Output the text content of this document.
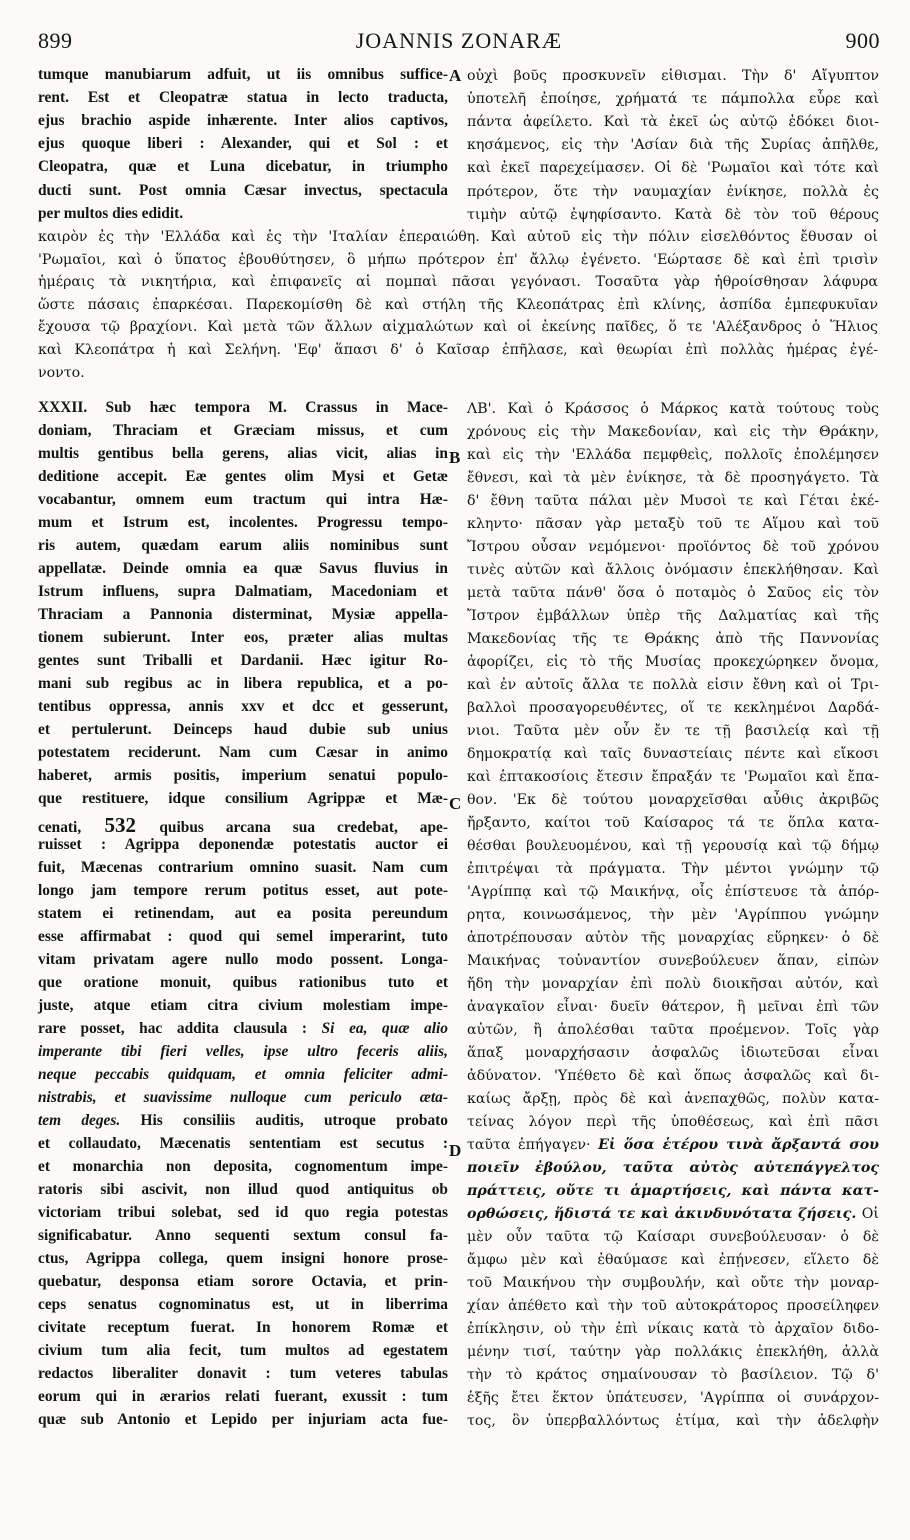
899	JOANNIS ZONARÆ	900
A
B
C
D
tumque manubiarum adfuit, ut iis omnibus suffice-
rent. Est et Cleopatræ statua in lecto traducta,
ejus brachio aspide inhærente. Inter alios captivos,
ejus quoque liberi : Alexander, qui et Sol : et
Cleopatra, quæ et Luna dicebatur, in triumpho
ducti sunt. Post omnia Cæsar invectus, spectacula
per multos dies edidit.
οὐχὶ βοῦς προσκυνεῖν εἰθισμαι. Τὴν δ' Αἴγυπτον
ὑποτελῆ ἐποίησε, χρήματά τε πάμπολλα εὗρε καὶ
πάντα ἀφείλετο. Καὶ τὰ ἐκεῖ ὡς αὐτῷ ἐδόκει διοι-
κησάμενος, εἰς τὴν 'Ασίαν διὰ τῆς Συρίας ἀπῆλθε,
καὶ ἐκεῖ παρεχείμασεν. Οἱ δὲ 'Ρωμαῖοι καὶ τότε καὶ
πρότερον, ὅτε τὴν ναυμαχίαν ἐνίκησε, πολλὰ ἐς
τιμὴν αὐτῷ ἐψηφίσαντο. Κατὰ δὲ τὸν τοῦ θέρους
καιρὸν ἐς τὴν 'Ελλάδα καὶ ἐς τὴν 'Ιταλίαν ἐπεραιώθη. Καὶ αὐτοῦ εἰς τὴν πόλιν εἰσελθόντος ἔθυσαν οἱ
'Ρωμαῖοι, καὶ ὁ ὕπατος ἐβουθύτησεν, ὃ μήπω πρότερον ἐπ' ἄλλῳ ἐγένετο. 'Εώρτασε δὲ καὶ ἐπὶ τρισὶν
ἡμέραις τὰ νικητήρια, καὶ ἐπιφανεῖς αἱ πομπαὶ πᾶσαι γεγόνασι. Τοσαῦτα γὰρ ἠθροίσθησαν λάφυρα
ὥστε πάσαις ἐπαρκέσαι. Παρεκομίσθη δὲ καὶ στήλη τῆς Κλεοπάτρας ἐπὶ κλίνης, ἀσπίδα ἐμπεφυκυῖαν
ἔχουσα τῷ βραχίονι. Καὶ μετὰ τῶν ἄλλων αἰχμαλώτων καὶ οἱ ἐκείνης παῖδες, ὅ τε 'Αλέξανδρος ὁ Ἥλιος
καὶ Κλεοπάτρα ἡ καὶ Σελήνη. 'Εφ' ἅπασι δ' ὁ Καῖσαρ ἐπῆλασε, καὶ θεωρίαι ἐπὶ πολλὰς ἡμέρας ἐγέ-
νοντο.
XXXII. Sub hæc tempora M. Crassus in Mace-
doniam, Thraciam et Græciam missus, et cum
multis gentibus bella gerens, alias vicit, alias in
deditione accepit. Eæ gentes olim Mysi et Getæ
vocabantur, omnem eum tractum qui intra Hæ-
mum et Istrum est, incolentes. Progressu tempo-
ris autem, quædam earum aliis nominibus sunt
appellatæ. Deinde omnia ea quæ Savus fluvius in
Istrum influens, supra Dalmatiam, Macedoniam et
Thraciam a Pannonia disterminat, Mysiæ appella-
tionem subierunt. Inter eos, præter alias multas
gentes sunt Triballi et Dardanii. Hæc igitur Ro-
mani sub regibus ac in libera republica, et a po-
tentibus oppressa, annis xxv et dcc et gesserunt,
et pertulerunt. Deinceps haud dubie sub unius
potestatem reciderunt. Nam cum Cæsar in animo
haberet, armis positis, imperium senatui populo-
que restituere, idque consilium Agrippæ et Mæ-
cenati, 532 quibus arcana sua credebat, ape-
ruisset : Agrippa deponendæ potestatis auctor ei
fuit, Mæcenas contrarium omnino suasit. Nam cum
longo jam tempore rerum potitus esset, aut pote-
statem ei retinendam, aut ea posita pereundum
esse affirmabat : quod qui semel imperarint, tuto
vitam privatam agere nullo modo possent. Longa-
que oratione monuit, quibus rationibus tuto et
juste, atque etiam citra civium molestiam impe-
rare posset, hac addita clausula : Si ea, quæ alio
imperante tibi fieri velles, ipse ultro feceris aliis,
neque peccabis quidquam, et omnia feliciter admi-
nistrabis, et suavissime nulloque cum periculo ætа-
tem deges. His consiliis auditis, utroque probato
et collaudato, Mæcenatis sententiam est secutus :
et monarchia non deposita, cognomentum impe-
ratoris sibi ascivit, non illud quod antiquitus ob
victoriam tribui solebat, sed id quo regia potestas
significabatur. Anno sequenti sextum consul fa-
ctus, Agrippa collega, quem insigni honore prose-
quebatur, desponsa etiam sorore Octavia, et prin-
ceps senatus cognominatus est, ut in liberrima
civitate receptum fuerat. In honorem Romæ et
civium tum alia fecit, tum multos ad egestatem
redactos liberaliter donavit : tum veteres tabulas
eorum qui in ærarios relati fuerant, exussit : tum
quæ sub Antonio et Lepido per injuriam acta fue-
ΛΒ'. Καὶ ὁ Κράσσος ὁ Μάρκος κατὰ τούτους τοὺς
χρόνους εἰς τὴν Μακεδονίαν, καὶ εἰς τὴν Θράκην,
καὶ εἰς τὴν 'Ελλάδα πεμφθεὶς, πολλοῖς ἐπολέμησεν
ἔθνεσι, καὶ τὰ μὲν ἐνίκησε, τὰ δὲ προσηγάγετο. Τὰ
δ' ἔθνη ταῦτα πάλαι μὲν Μυσοὶ τε καὶ Γέται ἐκέ-
κληντο· πᾶσαν γὰρ μεταξὺ τοῦ τε Αἵμου καὶ τοῦ
Ἴστρου οὖσαν νεμόμενοι· προϊόντος δὲ τοῦ χρόνου
τινὲς αὐτῶν καὶ ἄλλοις ὀνόμασιν ἐπεκλήθησαν. Καὶ
μετὰ ταῦτα πάνθ' ὅσα ὁ ποταμὸς ὁ Σαῦος εἰς τὸν
Ἴστρον ἐμβάλλων ὑπὲρ τῆς Δαλματίας καὶ τῆς
Μακεδονίας τῆς τε Θράκης ἀπὸ τῆς Παννονίας
ἀφορίζει, εἰς τὸ τῆς Μυσίας προκεχώρηκεν ὄνομα,
καὶ ἐν αὐτοῖς ἄλλα τε πολλὰ εἰσιν ἔθνη καὶ οἱ Τρι-
βαλλοὶ προσαγορευθέντες, οἵ τε κεκλημένοι Δαρδά-
νιοι. Ταῦτα μὲν οὖν ἔν τε τῇ βασιλείᾳ καὶ τῇ
δημοκρατίᾳ καὶ ταῖς δυναστείαις πέντε καὶ εἴκοσι
καὶ ἑπτακοσίοις ἔτεσιν ἔπραξάν τε 'Ρωμαῖοι καὶ ἔπα-
θον. 'Εκ δὲ τούτου μοναρχεῖσθαι αὖθις ἀκριβῶς
ἤρξαντο, καίτοι τοῦ Καίσαρος τά τε ὅπλα κατα-
θέσθαι βουλευομένου, καὶ τῇ γερουσίᾳ καὶ τῷ δήμῳ
ἐπιτρέψαι τὰ πράγματα. Τὴν μέντοι γνώμην τῷ
'Αγρίππᾳ καὶ τῷ Μαικήνᾳ, οἷς ἐπίστευσε τὰ ἀπόρ-
ρητα, κοινωσάμενος, τὴν μὲν 'Αγρίππου γνώμην
ἀποτρέπουσαν αὐτὸν τῆς μοναρχίας εὕρηκεν· ὁ δὲ
Μαικήνας τοὐναντίον συνεβούλευεν ἅπαν, εἰπὼν
ἤδη τὴν μοναρχίαν ἐπὶ πολὺ διοικῆσαι αὐτόν, καὶ
ἀναγκαῖον εἶναι· δυεῖν θάτερον, ἢ μεῖναι ἐπὶ τῶν
αὐτῶν, ἢ ἀπολέσθαι ταῦτα προέμενον. Τοῖς γὰρ
ἅπαξ μοναρχήσασιν ἀσφαλῶς ἰδιωτεῦσαι εἶναι
ἀδύνατον. 'Υπέθετο δὲ καὶ ὅπως ἀσφαλῶς καὶ δι-
καίως ἄρξῃ, πρὸς δὲ καὶ ἀνεπαχθῶς, πολὺν κατα-
τείνας λόγον περὶ τῆς ὑποθέσεως, καὶ ἐπὶ πᾶσι
ταῦτα ἐπήγαγεν· Εἰ ὅσα ἑτέρου τινὰ ἄρξαντά σου
ποιεῖν ἐβούλου, ταῦτα αὐτὸς αὐτεπάγγελτος
πράττεις, οὔτε τι ἁμαρτήσεις, καὶ πάντα κατ-
ορθώσεις, ἥδιστά τε καὶ ἀκινδυνότατα ζήσεις. Οἱ
μὲν οὖν ταῦτα τῷ Καίσαρι συνεβούλευσαν· ὁ δὲ
ἄμφω μὲν καὶ ἐθαύμασε καὶ ἐπῄνεσεν, εἵλετο δὲ
τοῦ Μαικήνου τὴν συμβουλήν, καὶ οὔτε τὴν μοναρ-
χίαν ἀπέθετο καὶ τὴν τοῦ αὐτοκράτορος προσείληφεν
ἐπίκλησιν, οὐ τὴν ἐπὶ νίκαις κατὰ τὸ ἀρχαῖον διδο-
μένην τισί, ταύτην γὰρ πολλάκις ἐπεκλήθη, ἀλλὰ
τὴν τὸ κράτος σημαίνουσαν τὸ βασίλειον. Τῷ δ'
ἑξῆς ἔτει ἕκτον ὑπάτευσεν, 'Αγρίππα οἱ συνάρχον-
τος, ὃν ὑπερβαλλόντως ἐτίμα, καὶ τὴν ἀδελφὴν
